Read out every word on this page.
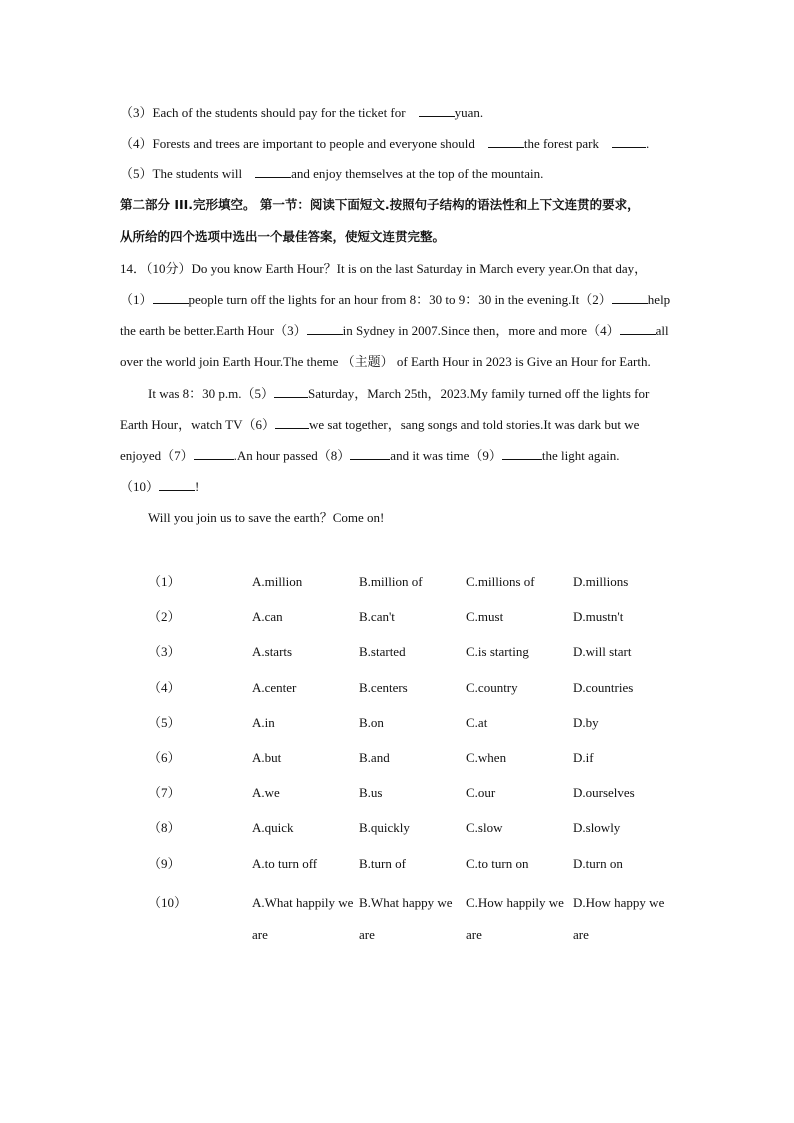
（3）Each of the students should pay for the ticket for	yuan.
（4）Forests and trees are important to people and everyone should	the forest park	.
（5）The students will	and enjoy themselves at the top of the mountain.
第二部分 III.完形填空。 第一节：阅读下面短文.按照句子结构的语法性和上下文连贯的要求，
从所给的四个选项中选出一个最佳答案，使短文连贯完整。
14．（10分）Do you know Earth Hour？It is on the last Saturday in March every year.On that day，
（1）	people turn off the lights for an hour from 8：30 to 9：30 in the evening.It（2）	help
the earth be better.Earth Hour（3）	in Sydney in 2007.Since then，more and more（4）	all
over the world join Earth Hour.The theme （主题） of Earth Hour in 2023 is Give an Hour for Earth.
It was 8：30 p.m.（5）	Saturday，March 25th，2023.My family turned off the lights for
Earth Hour，watch TV（6）	we sat together，sang songs and told stories.It was dark but we
enjoyed（7）	.An hour passed（8）	and it was time（9）	the light again.
（10）	!
Will you join us to save the earth？Come on!
（1）	A.million	B.million of	C.millions of	D.millions
（2）	A.can	B.can't	C.must	D.mustn't
（3）	A.starts	B.started	C.is starting	D.will start
（4）	A.center	B.centers	C.country	D.countries
（5）	A.in	B.on	C.at	D.by
（6）	A.but	B.and	C.when	D.if
（7）	A.we	B.us	C.our	D.ourselves
（8）	A.quick	B.quickly	C.slow	D.slowly
（9）	A.to turn off	B.turn of	C.to turn on	D.turn on
（10）	A.What happily we are	B.What happy we are	C.How happily we are	D.How happy we are
